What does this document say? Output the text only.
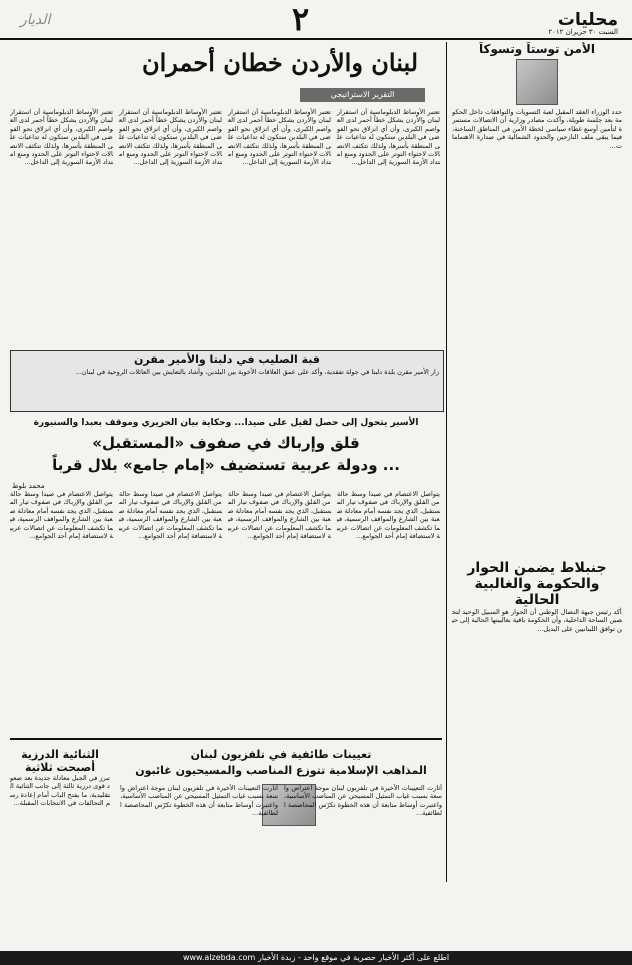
محليات
٢
الديار
السبت ٣٠ حزيران ٢٠١٢
الأمن توستاً وتسوكاً
حدد الوزراء العقد المقبل لعبة التسويات والتوافقات داخل الحكومة بعد جلسة طويلة، وأكدت مصادر وزارية أن الاتصالات مستمرة لتأمين أوسع غطاء سياسي لخطة الأمن في المناطق الساخنة، فيما يبقى ملف النازحين والحدود الشمالية في صدارة الاهتمامات...
جنبلاط يضمن الحوار والحكومة والغالبية الحالية
أكد رئيس جبهة النضال الوطني أن الحوار هو السبيل الوحيد لتحصين الساحة الداخلية، وأن الحكومة باقية بغالبيتها الحالية إلى حين توافق اللبنانيين على البديل...
لبنان والأردن خطان أحمران
التقرير الاستراتيجي
تعتبر الأوساط الدبلوماسية أن استقرار لبنان والأردن يشكل خطاً أحمر لدى العواصم الكبرى، وأن أي انزلاق نحو الفوضى في البلدين ستكون له تداعيات على المنطقة بأسرها، ولذلك تتكثف الاتصالات لاحتواء التوتر على الحدود ومنع امتداد الأزمة السورية إلى الداخل...
تعتبر الأوساط الدبلوماسية أن استقرار لبنان والأردن يشكل خطاً أحمر لدى العواصم الكبرى، وأن أي انزلاق نحو الفوضى في البلدين ستكون له تداعيات على المنطقة بأسرها، ولذلك تتكثف الاتصالات لاحتواء التوتر على الحدود ومنع امتداد الأزمة السورية إلى الداخل...
تعتبر الأوساط الدبلوماسية أن استقرار لبنان والأردن يشكل خطاً أحمر لدى العواصم الكبرى، وأن أي انزلاق نحو الفوضى في البلدين ستكون له تداعيات على المنطقة بأسرها، ولذلك تتكثف الاتصالات لاحتواء التوتر على الحدود ومنع امتداد الأزمة السورية إلى الداخل...
تعتبر الأوساط الدبلوماسية أن استقرار لبنان والأردن يشكل خطاً أحمر لدى العواصم الكبرى، وأن أي انزلاق نحو الفوضى في البلدين ستكون له تداعيات على المنطقة بأسرها، ولذلك تتكثف الاتصالات لاحتواء التوتر على الحدود ومنع امتداد الأزمة السورية إلى الداخل...
قبة الصليب في دلبتا والأمير مقرن
زار الأمير مقرن بلدة دلبتا في جولة تفقدية، وأكد على عمق العلاقات الأخوية بين البلدين، وأشاد بالتعايش بين العائلات الروحية في لبنان...
الأسير يتحول إلى حصل لقيل على صيدا... وحكاية بيان الحريري وموقف بعبدا والسنيورة
قلق وإرباك في صفوف «المستقبل»
... ودولة عربية تستضيف «إمام جامع» بلال قرباً
محمد بلوط
يتواصل الاعتصام في صيدا وسط حالة من القلق والإرباك في صفوف تيار المستقبل، الذي يجد نفسه أمام معادلة صعبة بين الشارع والمواقف الرسمية، فيما تكشف المعلومات عن اتصالات عربية لاستضافة إمام أحد الجوامع...
يتواصل الاعتصام في صيدا وسط حالة من القلق والإرباك في صفوف تيار المستقبل، الذي يجد نفسه أمام معادلة صعبة بين الشارع والمواقف الرسمية، فيما تكشف المعلومات عن اتصالات عربية لاستضافة إمام أحد الجوامع...
يتواصل الاعتصام في صيدا وسط حالة من القلق والإرباك في صفوف تيار المستقبل، الذي يجد نفسه أمام معادلة صعبة بين الشارع والمواقف الرسمية، فيما تكشف المعلومات عن اتصالات عربية لاستضافة إمام أحد الجوامع...
يتواصل الاعتصام في صيدا وسط حالة من القلق والإرباك في صفوف تيار المستقبل، الذي يجد نفسه أمام معادلة صعبة بين الشارع والمواقف الرسمية، فيما تكشف المعلومات عن اتصالات عربية لاستضافة إمام أحد الجوامع...
تعيينات طائفية في تلفزيون لبنان
المذاهب الإسلامية تتوزع المناصب والمسيحيون غائبون
أثارت التعيينات الأخيرة في تلفزيون لبنان موجة اعتراض واسعة بسبب غياب التمثيل المسيحي عن المناصب الأساسية، واعتبرت أوساط متابعة أن هذه الخطوة تكرّس المحاصصة الطائفية...
أثارت التعيينات الأخيرة في تلفزيون لبنان موجة اعتراض واسعة بسبب غياب التمثيل المسيحي عن المناصب الأساسية، واعتبرت أوساط متابعة أن هذه الخطوة تكرّس المحاصصة الطائفية...
الثنائية الدرزية أصبحت ثلاثية
تبرز في الجبل معادلة جديدة بعد صعود قوى درزية ثالثة إلى جانب الثنائية التقليدية، ما يفتح الباب أمام إعادة رسم التحالفات في الانتخابات المقبلة...
اطلع على أكثر الأخبار حصرية في موقع واحد - زبدة الأخبار www.alzebda.com
